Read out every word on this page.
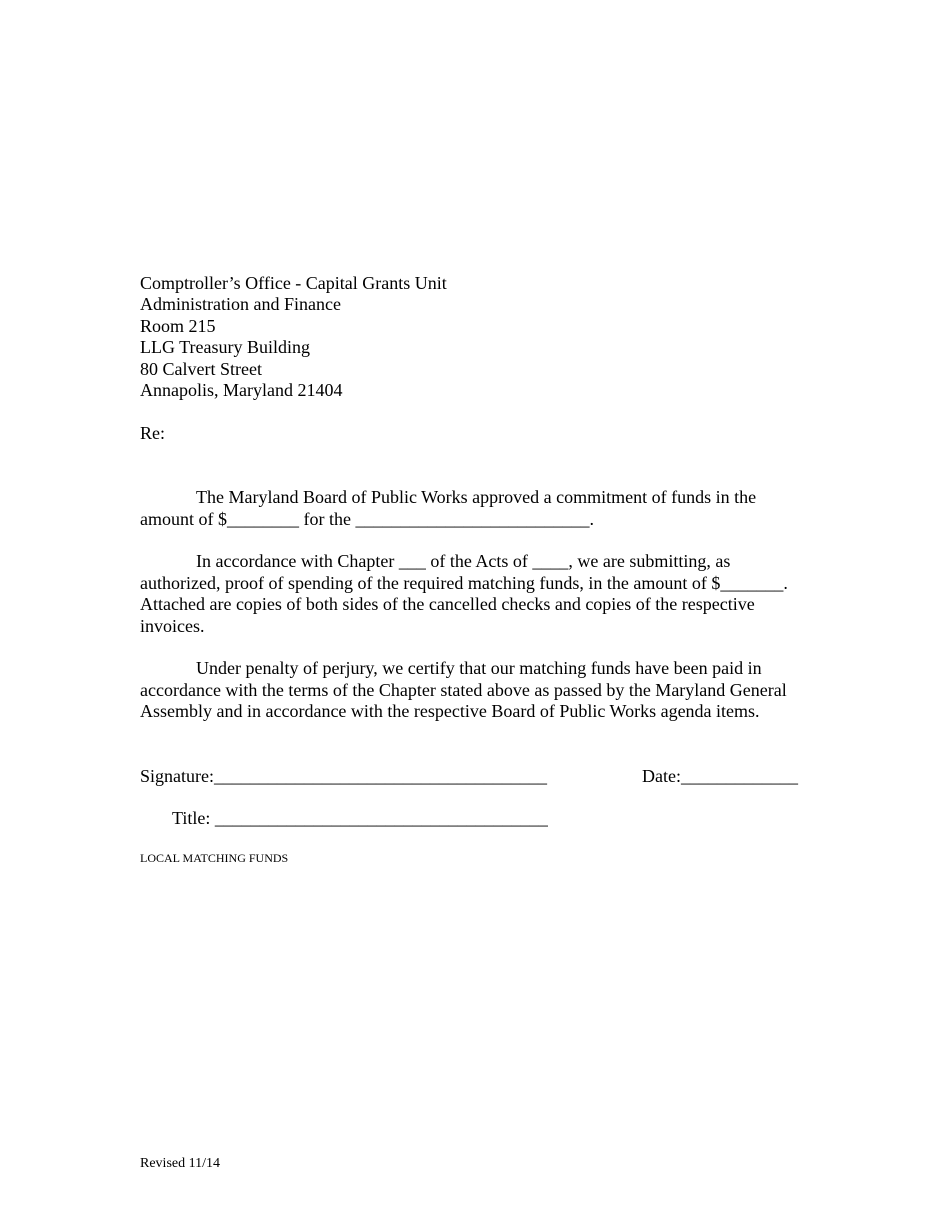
Comptroller’s Office - Capital Grants Unit
Administration and Finance
Room 215
LLG Treasury Building
80 Calvert Street
Annapolis, Maryland 21404
Re:
The Maryland Board of Public Works approved a commitment of funds in the
amount of $________ for the __________________________.
In accordance with Chapter ___ of the Acts of ____, we are submitting, as
authorized, proof of spending of the required matching funds, in the amount of $_______.
Attached are copies of both sides of the cancelled checks and copies of the respective
invoices.
Under penalty of perjury, we certify that our matching funds have been paid in
accordance with the terms of the Chapter stated above as passed by the Maryland General
Assembly and in accordance with the respective Board of Public Works agenda items.
Signature:_____________________________________	Date:_____________
Title: _____________________________________
LOCAL MATCHING FUNDS
Revised 11/14
